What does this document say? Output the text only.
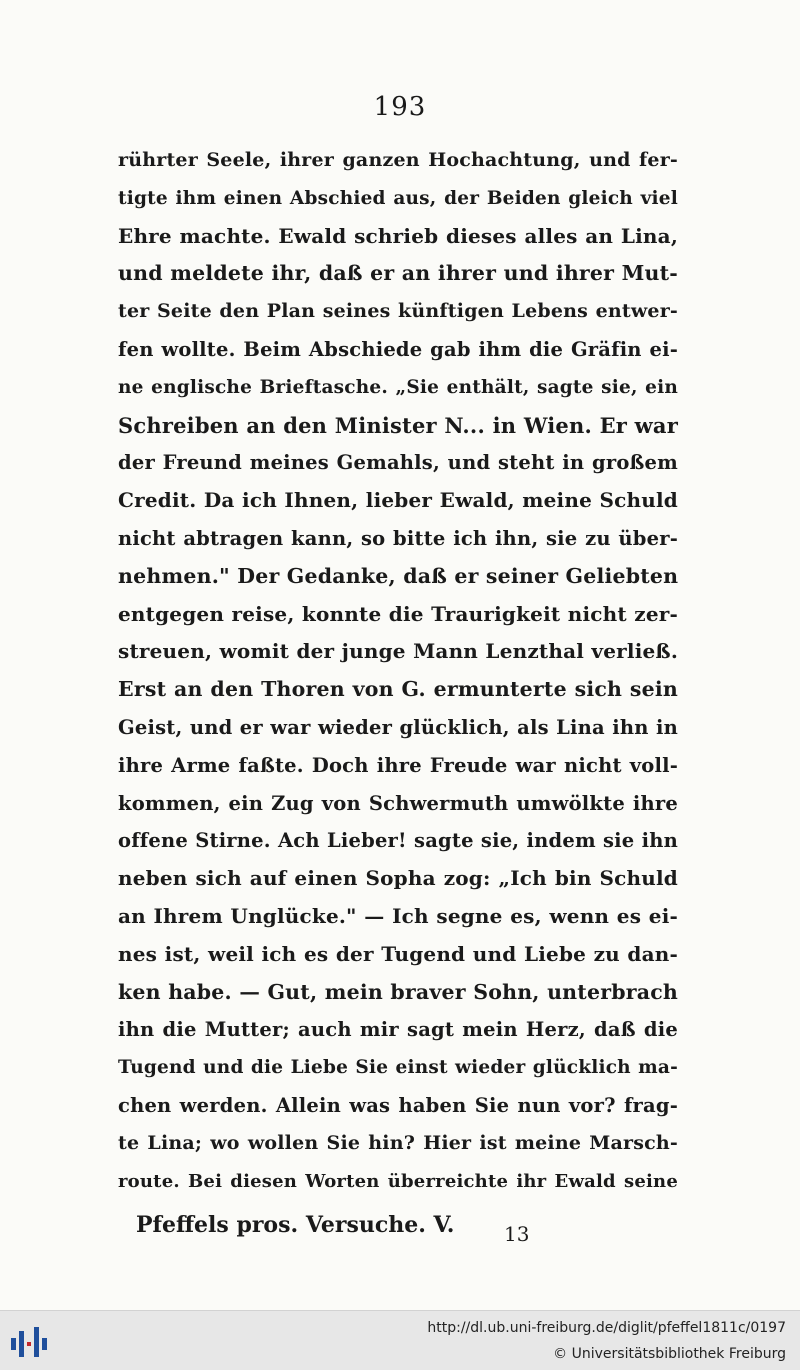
193
rührter Seele, ihrer ganzen Hochachtung, und fer-
tigte ihm einen Abschied aus, der Beiden gleich viel
Ehre machte. Ewald schrieb dieses alles an Lina,
und meldete ihr, daß er an ihrer und ihrer Mut-
ter Seite den Plan seines künftigen Lebens entwer-
fen wollte. Beim Abschiede gab ihm die Gräfin ei-
ne englische Brieftasche. „Sie enthält, sagte sie, ein
Schreiben an den Minister N... in Wien. Er war
der Freund meines Gemahls, und steht in großem
Credit. Da ich Ihnen, lieber Ewald, meine Schuld
nicht abtragen kann, so bitte ich ihn, sie zu über-
nehmen." Der Gedanke, daß er seiner Geliebten
entgegen reise, konnte die Traurigkeit nicht zer-
streuen, womit der junge Mann Lenzthal verließ.
Erst an den Thoren von G. ermunterte sich sein
Geist, und er war wieder glücklich, als Lina ihn in
ihre Arme faßte. Doch ihre Freude war nicht voll-
kommen, ein Zug von Schwermuth umwölkte ihre
offene Stirne. Ach Lieber! sagte sie, indem sie ihn
neben sich auf einen Sopha zog: „Ich bin Schuld
an Ihrem Unglücke." — Ich segne es, wenn es ei-
nes ist, weil ich es der Tugend und Liebe zu dan-
ken habe. — Gut, mein braver Sohn, unterbrach
ihn die Mutter; auch mir sagt mein Herz, daß die
Tugend und die Liebe Sie einst wieder glücklich ma-
chen werden. Allein was haben Sie nun vor? frag-
te Lina; wo wollen Sie hin? Hier ist meine Marsch-
route. Bei diesen Worten überreichte ihr Ewald seine
Pfeffels pros. Versuche. V. 13
http://dl.ub.uni-freiburg.de/diglit/pfeffel1811c/0197
© Universitätsbibliothek Freiburg
